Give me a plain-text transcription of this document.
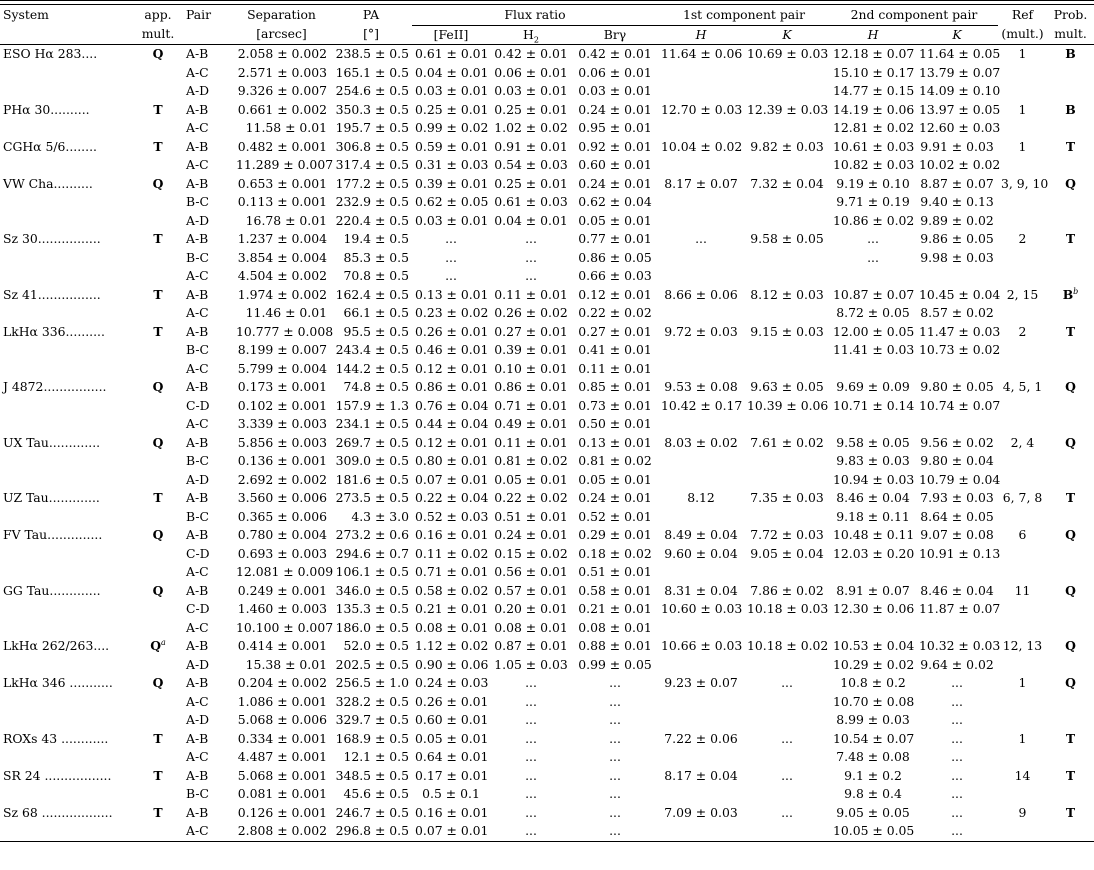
System	app.	Pair	Separation	PA	Flux ratio			1st component pair		2nd component pair		Ref	Prob.
	mult.		[arcsec]	[°]	[FeII]	$H_2$	Brγ	H	K	H	K	(mult.)	mult.
ESO Hα 283....	Q	A-B	2.058 ± 0.002	238.5 ± 0.5	0.61 ± 0.01	0.42 ± 0.01	0.42 ± 0.01	11.64 ± 0.06	10.69 ± 0.03	12.18 ± 0.07	11.64 ± 0.05	1	B
		A-C	2.571 ± 0.003	165.1 ± 0.5	0.04 ± 0.01	0.06 ± 0.01	0.06 ± 0.01			15.10 ± 0.17	13.79 ± 0.07		
		A-D	9.326 ± 0.007	254.6 ± 0.5	0.03 ± 0.01	0.03 ± 0.01	0.03 ± 0.01			14.77 ± 0.15	14.09 ± 0.10		
PHα 30..........	T	A-B	0.661 ± 0.002	350.3 ± 0.5	0.25 ± 0.01	0.25 ± 0.01	0.24 ± 0.01	12.70 ± 0.03	12.39 ± 0.03	14.19 ± 0.06	13.97 ± 0.05	1	B
		A-C	11.58 ± 0.01	195.7 ± 0.5	0.99 ± 0.02	1.02 ± 0.02	0.95 ± 0.01			12.81 ± 0.02	12.60 ± 0.03		
CGHα 5/6........	T	A-B	0.482 ± 0.001	306.8 ± 0.5	0.59 ± 0.01	0.91 ± 0.01	0.92 ± 0.01	10.04 ± 0.02	9.82 ± 0.03	10.61 ± 0.03	9.91 ± 0.03	1	T
		A-C	11.289 ± 0.007	317.4 ± 0.5	0.31 ± 0.03	0.54 ± 0.03	0.60 ± 0.01			10.82 ± 0.03	10.02 ± 0.02		
VW Cha..........	Q	A-B	0.653 ± 0.001	177.2 ± 0.5	0.39 ± 0.01	0.25 ± 0.01	0.24 ± 0.01	8.17 ± 0.07	7.32 ± 0.04	9.19 ± 0.10	8.87 ± 0.07	3, 9, 10	Q
		B-C	0.113 ± 0.001	232.9 ± 0.5	0.62 ± 0.05	0.61 ± 0.03	0.62 ± 0.04			9.71 ± 0.19	9.40 ± 0.13		
		A-D	16.78 ± 0.01	220.4 ± 0.5	0.03 ± 0.01	0.04 ± 0.01	0.05 ± 0.01			10.86 ± 0.02	9.89 ± 0.02		
Sz 30................	T	A-B	1.237 ± 0.004	19.4 ± 0.5	...	...	0.77 ± 0.01	...	9.58 ± 0.05	...	9.86 ± 0.05	2	T
		B-C	3.854 ± 0.004	85.3 ± 0.5	...	...	0.86 ± 0.05			...	9.98 ± 0.03		
		A-C	4.504 ± 0.002	70.8 ± 0.5	...	...	0.66 ± 0.03						
Sz 41................	T	A-B	1.974 ± 0.002	162.4 ± 0.5	0.13 ± 0.01	0.11 ± 0.01	0.12 ± 0.01	8.66 ± 0.06	8.12 ± 0.03	10.87 ± 0.07	10.45 ± 0.04	2, 15	$B^b$
		A-C	11.46 ± 0.01	66.1 ± 0.5	0.23 ± 0.02	0.26 ± 0.02	0.22 ± 0.02			8.72 ± 0.05	8.57 ± 0.02		
LkHα 336..........	T	A-B	10.777 ± 0.008	95.5 ± 0.5	0.26 ± 0.01	0.27 ± 0.01	0.27 ± 0.01	9.72 ± 0.03	9.15 ± 0.03	12.00 ± 0.05	11.47 ± 0.03	2	T
		B-C	8.199 ± 0.007	243.4 ± 0.5	0.46 ± 0.01	0.39 ± 0.01	0.41 ± 0.01			11.41 ± 0.03	10.73 ± 0.02		
		A-C	5.799 ± 0.004	144.2 ± 0.5	0.12 ± 0.01	0.10 ± 0.01	0.11 ± 0.01						
J 4872................	Q	A-B	0.173 ± 0.001	74.8 ± 0.5	0.86 ± 0.01	0.86 ± 0.01	0.85 ± 0.01	9.53 ± 0.08	9.63 ± 0.05	9.69 ± 0.09	9.80 ± 0.05	4, 5, 1	Q
		C-D	0.102 ± 0.001	157.9 ± 1.3	0.76 ± 0.04	0.71 ± 0.01	0.73 ± 0.01	10.42 ± 0.17	10.39 ± 0.06	10.71 ± 0.14	10.74 ± 0.07		
		A-C	3.339 ± 0.003	234.1 ± 0.5	0.44 ± 0.04	0.49 ± 0.01	0.50 ± 0.01						
UX Tau.............	Q	A-B	5.856 ± 0.003	269.7 ± 0.5	0.12 ± 0.01	0.11 ± 0.01	0.13 ± 0.01	8.03 ± 0.02	7.61 ± 0.02	9.58 ± 0.05	9.56 ± 0.02	2, 4	Q
		B-C	0.136 ± 0.001	309.0 ± 0.5	0.80 ± 0.01	0.81 ± 0.02	0.81 ± 0.02			9.83 ± 0.03	9.80 ± 0.04		
		A-D	2.692 ± 0.002	181.6 ± 0.5	0.07 ± 0.01	0.05 ± 0.01	0.05 ± 0.01			10.94 ± 0.03	10.79 ± 0.04		
UZ Tau.............	T	A-B	3.560 ± 0.006	273.5 ± 0.5	0.22 ± 0.04	0.22 ± 0.02	0.24 ± 0.01	8.12	7.35 ± 0.03	8.46 ± 0.04	7.93 ± 0.03	6, 7, 8	T
		B-C	0.365 ± 0.006	4.3 ± 3.0	0.52 ± 0.03	0.51 ± 0.01	0.52 ± 0.01			9.18 ± 0.11	8.64 ± 0.05		
FV Tau..............	Q	A-B	0.780 ± 0.004	273.2 ± 0.6	0.16 ± 0.01	0.24 ± 0.01	0.29 ± 0.01	8.49 ± 0.04	7.72 ± 0.03	10.48 ± 0.11	9.07 ± 0.08	6	Q
		C-D	0.693 ± 0.003	294.6 ± 0.7	0.11 ± 0.02	0.15 ± 0.02	0.18 ± 0.02	9.60 ± 0.04	9.05 ± 0.04	12.03 ± 0.20	10.91 ± 0.13		
		A-C	12.081 ± 0.009	106.1 ± 0.5	0.71 ± 0.01	0.56 ± 0.01	0.51 ± 0.01						
GG Tau.............	Q	A-B	0.249 ± 0.001	346.0 ± 0.5	0.58 ± 0.02	0.57 ± 0.01	0.58 ± 0.01	8.31 ± 0.04	7.86 ± 0.02	8.91 ± 0.07	8.46 ± 0.04	11	Q
		C-D	1.460 ± 0.003	135.3 ± 0.5	0.21 ± 0.01	0.20 ± 0.01	0.21 ± 0.01	10.60 ± 0.03	10.18 ± 0.03	12.30 ± 0.06	11.87 ± 0.07		
		A-C	10.100 ± 0.007	186.0 ± 0.5	0.08 ± 0.01	0.08 ± 0.01	0.08 ± 0.01						
LkHα 262/263....	$Q^a$	A-B	0.414 ± 0.001	52.0 ± 0.5	1.12 ± 0.02	0.87 ± 0.01	0.88 ± 0.01	10.66 ± 0.03	10.18 ± 0.02	10.53 ± 0.04	10.32 ± 0.03	12, 13	Q
		A-D	15.38 ± 0.01	202.5 ± 0.5	0.90 ± 0.06	1.05 ± 0.03	0.99 ± 0.05			10.29 ± 0.02	9.64 ± 0.02		
LkHα 346 ...........	Q	A-B	0.204 ± 0.002	256.5 ± 1.0	0.24 ± 0.03	...	...	9.23 ± 0.07	...	10.8 ± 0.2	...	1	Q
		A-C	1.086 ± 0.001	328.2 ± 0.5	0.26 ± 0.01	...	...			10.70 ± 0.08	...		
		A-D	5.068 ± 0.006	329.7 ± 0.5	0.60 ± 0.01	...	...			8.99 ± 0.03	...		
ROXs 43 ............	T	A-B	0.334 ± 0.001	168.9 ± 0.5	0.05 ± 0.01	...	...	7.22 ± 0.06	...	10.54 ± 0.07	...	1	T
		A-C	4.487 ± 0.001	12.1 ± 0.5	0.64 ± 0.01	...	...			7.48 ± 0.08	...		
SR 24 .................	T	A-B	5.068 ± 0.001	348.5 ± 0.5	0.17 ± 0.01	...	...	8.17 ± 0.04	...	9.1 ± 0.2	...	14	T
		B-C	0.081 ± 0.001	45.6 ± 0.5	0.5 ± 0.1	...	...			9.8 ± 0.4	...		
Sz 68 ..................	T	A-B	0.126 ± 0.001	246.7 ± 0.5	0.16 ± 0.01	...	...	7.09 ± 0.03	...	9.05 ± 0.05	...	9	T
		A-C	2.808 ± 0.002	296.8 ± 0.5	0.07 ± 0.01	...	...			10.05 ± 0.05	...		
